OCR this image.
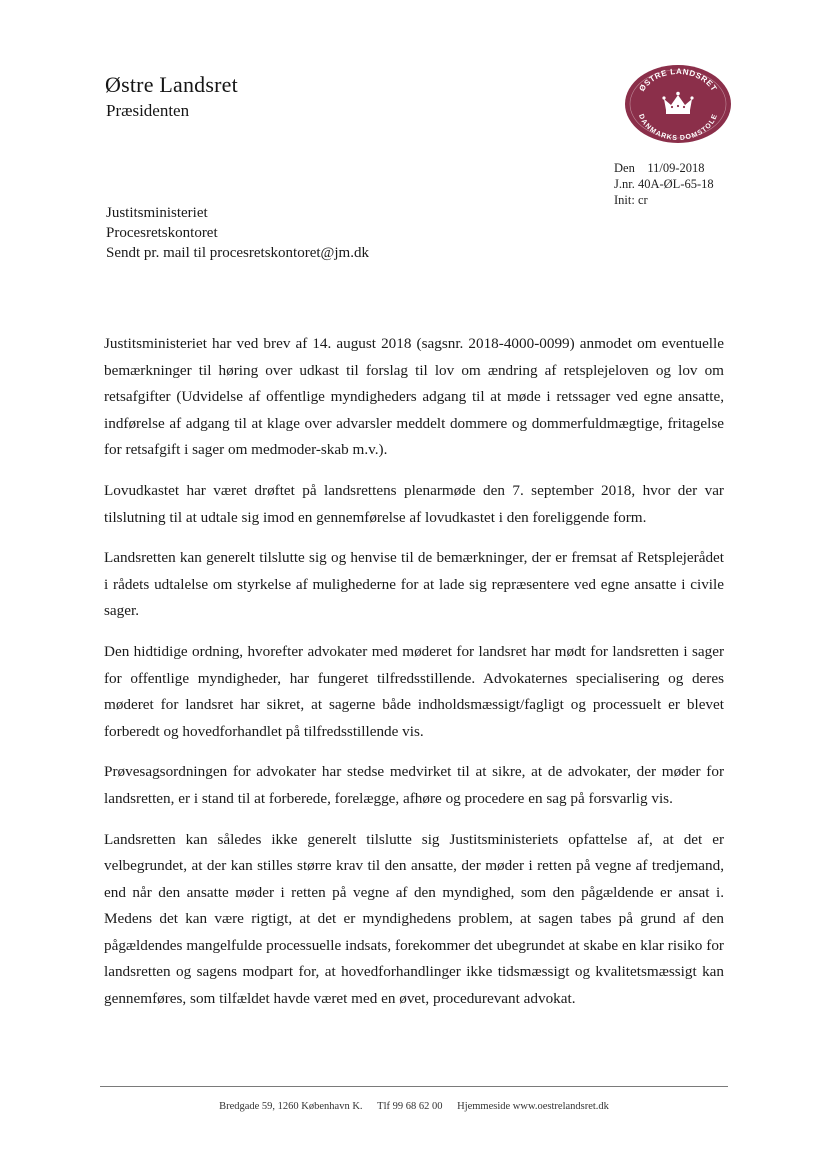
Østre Landsret
Præsidenten
ØSTRE LANDSRET
DANMARKS DOMSTOLE
Den 11/09-2018
J.nr. 40A-ØL-65-18
Init: cr
Justitsministeriet
Procesretskontoret
Sendt pr. mail til procesretskontoret@jm.dk

Justitsministeriet har ved brev af 14. august 2018 (sagsnr. 2018-4000-0099) anmodet om eventuelle bemærkninger til høring over udkast til forslag til lov om ændring af retsplejeloven og lov om retsafgifter (Udvidelse af offentlige myndigheders adgang til at møde i retssager ved egne ansatte, indførelse af adgang til at klage over advarsler meddelt dommere og dommerfuldmægtige, fritagelse for retsafgift i sager om medmoder-skab m.v.).

Lovudkastet har været drøftet på landsrettens plenarmøde den 7. september 2018, hvor der var tilslutning til at udtale sig imod en gennemførelse af lovudkastet i den foreliggende form.

Landsretten kan generelt tilslutte sig og henvise til de bemærkninger, der er fremsat af Retsplejerådet i rådets udtalelse om styrkelse af mulighederne for at lade sig repræsentere ved egne ansatte i civile sager.

Den hidtidige ordning, hvorefter advokater med møderet for landsret har mødt for landsretten i sager for offentlige myndigheder, har fungeret tilfredsstillende. Advokaternes specialisering og deres møderet for landsret har sikret, at sagerne både indholdsmæssigt/fagligt og processuelt er blevet forberedt og hovedforhandlet på tilfredsstillende vis.

Prøvesagsordningen for advokater har stedse medvirket til at sikre, at de advokater, der møder for landsretten, er i stand til at forberede, forelægge, afhøre og procedere en sag på forsvarlig vis.

Landsretten kan således ikke generelt tilslutte sig Justitsministeriets opfattelse af, at det er velbegrundet, at der kan stilles større krav til den ansatte, der møder i retten på vegne af tredjemand, end når den ansatte møder i retten på vegne af den myndighed, som den pågældende er ansat i. Medens det kan være rigtigt, at det er myndighedens problem, at sagen tabes på grund af den pågældendes mangelfulde processuelle indsats, forekommer det ubegrundet at skabe en klar risiko for landsretten og sagens modpart for, at hovedforhandlinger ikke tidsmæssigt og kvalitetsmæssigt kan gennemføres, som tilfældet havde været med en øvet, procedurevant advokat.

Bredgade 59, 1260 København K. Tlf 99 68 62 00 Hjemmeside www.oestrelandsret.dk
